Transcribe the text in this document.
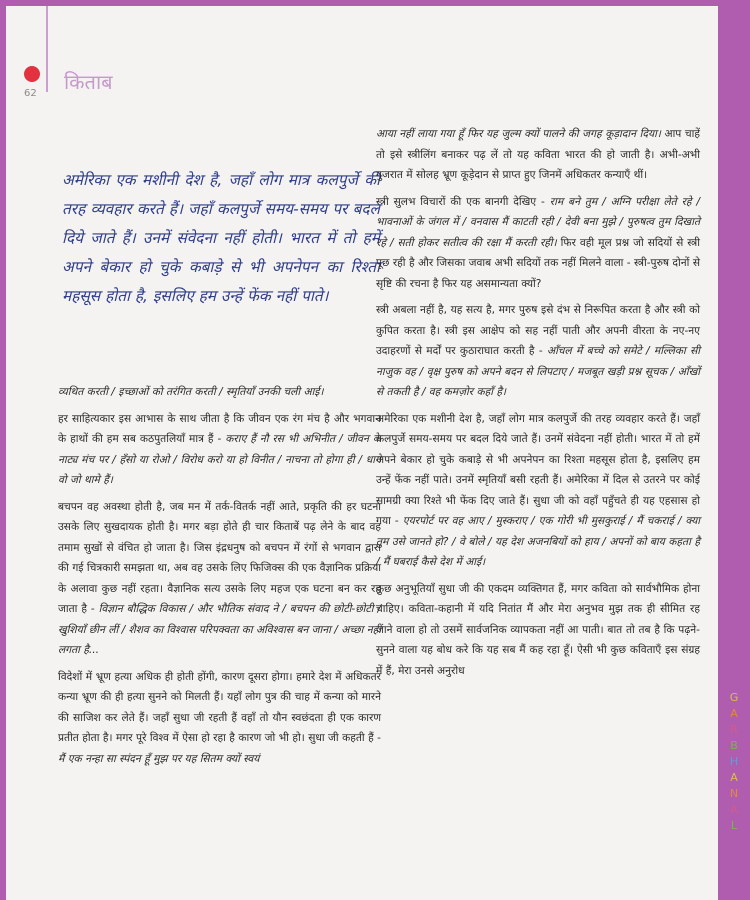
62 किताब
अमेरिका एक मशीनी देश है, जहाँ लोग मात्र कलपुर्जे की तरह व्यवहार करते हैं। जहाँ कलपुर्जे समय-समय पर बदल दिये जाते हैं। उनमें संवेदना नहीं होती। भारत में तो हमें अपने बेकार हो चुके कबाड़े से भी अपनेपन का रिश्ता महसूस होता है, इसलिए हम उन्हें फेंक नहीं पाते।

व्यथित करती / इच्छाओं को तरंगित करती / स्मृतियाँ उनकी चली आई।

हर साहित्यकार इस आभास के साथ जीता है कि जीवन एक रंग मंच है और भगवान के हाथों की हम सब कठपुतलियाँ मात्र हैं - कराए हैं नौ रस भी अभिनीत / जीवन के नाट्य मंच पर / हँसो या रोओ / विरोध करो या हो विनीत / नाचना तो होगा ही / धागे वो जो थामे हैं।

बचपन वह अवस्था होती है, जब मन में तर्क-वितर्क नहीं आते, प्रकृति की हर घटना उसके लिए सुखदायक होती है। मगर बड़ा होते ही चार किताबें पढ़ लेने के बाद वह तमाम सुखों से वंचित हो जाता है। जिस इंद्रधनुष को बचपन में रंगों से भगवान द्वारा की गई चित्रकारी समझता था, अब वह उसके लिए फिजिक्स की एक वैज्ञानिक प्रक्रिया के अलावा कुछ नहीं रहता। वैज्ञानिक सत्य उसके लिए महज एक घटना बन कर रह जाता है - विज्ञान बौद्धिक विकास / और भौतिक संवाद ने / बचपन की छोटी-छोटी / खुशियाँ छीन लीं / शैशव का विश्वास परिपक्वता का अविश्वास बन जाना / अच्छा नहीं लगता है...

विदेशों में भ्रूण हत्या अधिक ही होती होंगी, कारण दूसरा होगा। हमारे देश में अधिकतर कन्या भ्रूण की ही हत्या सुनने को मिलती हैं। यहाँ लोग पुत्र की चाह में कन्या को मारने की साजिश कर लेते हैं। जहाँ सुधा जी रहती हैं वहाँ तो यौन स्वछंदता ही एक कारण प्रतीत होता है। मगर पूरे विश्व में ऐसा हो रहा है कारण जो भी हो। सुधा जी कहती हैं - मैं एक नन्हा सा स्पंदन हूँ मुझ पर यह सितम क्यों स्वयं

आया नहीं लाया गया हूँ फिर यह जुल्म क्यों पालने की जगह कूड़ादान दिया। आप चाहें तो इसे स्त्रीलिंग बनाकर पढ़ लें तो यह कविता भारत की हो जाती है। अभी-अभी गुजरात में सोलह भ्रूण कूड़ेदान से प्राप्त हुए जिनमें अधिकतर कन्याएँ थीं।

स्त्री सुलभ विचारों की एक बानगी देखिए - राम बने तुम / अग्नि परीक्षा लेते रहे / भावनाओं के जंगल में / वनवास मैं काटती रही / देवी बना मुझे / पुरुषत्व तुम दिखाते रहे / सती होकर सतीत्व की रक्षा मैं करती रही। फिर वही मूल प्रश्न जो सदियों से स्त्री पूछ रही है और जिसका जवाब अभी सदियों तक नहीं मिलने वाला - स्त्री-पुरुष दोनों से सृष्टि की रचना है फिर यह असमान्यता क्यों?

स्त्री अबला नहीं है, यह सत्य है, मगर पुरुष इसे दंभ से निरूपित करता है और स्त्री को कुपित करता है। स्त्री इस आक्षेप को सह नहीं पाती और अपनी वीरता के नए-नए उदाहरणों से मर्दों पर कुठाराघात करती है - आँचल में बच्चे को समेटे / मल्लिका सी नाजुक वह / वृक्ष पुरुष को अपने बदन से लिपटाए / मजबूत खड़ी प्रश्न सूचक / आँखों से तकती है / वह कमज़ोर कहाँ है।

अमेरिका एक मशीनी देश है, जहाँ लोग मात्र कलपुर्जे की तरह व्यवहार करते हैं। जहाँ कलपुर्जे समय-समय पर बदल दिये जाते हैं। उनमें संवेदना नहीं होती। भारत में तो हमें अपने बेकार हो चुके कबाड़े से भी अपनेपन का रिश्ता महसूस होता है, इसलिए हम उन्हें फेंक नहीं पाते। उनमें स्मृतियाँ बसी रहती हैं। अमेरिका में दिल से उतरने पर कोई सामग्री क्या रिश्ते भी फेंक दिए जाते हैं। सुधा जी को वहाँ पहुँचते ही यह एहसास हो गया - एयरपोर्ट पर वह आए / मुस्कराए / एक गोरी भी मुसकुराई / मैं चकराई / क्या तुम उसे जानते हो? / वे बोले / यह देश अजनबियों को हाय / अपनों को बाय कहता है / मैं घबराई कैसे देश में आई।

कुछ अनुभूतियाँ सुधा जी की एकदम व्यक्तिगत हैं, मगर कविता को सार्वभौमिक होना चाहिए। कविता-कहानी में यदि नितांत मैं और मेरा अनुभव मुझ तक ही सीमित रह जाने वाला हो तो उसमें सार्वजनिक व्यापकता नहीं आ पाती। बात तो तब है कि पढ़ने-सुनने वाला यह बोध करे कि यह सब मैं कह रहा हूँ। ऐसी भी कुछ कविताएँ इस संग्रह में हैं, मेरा उनसे अनुरोध

G
A
R
B
H
A
N
A
L
